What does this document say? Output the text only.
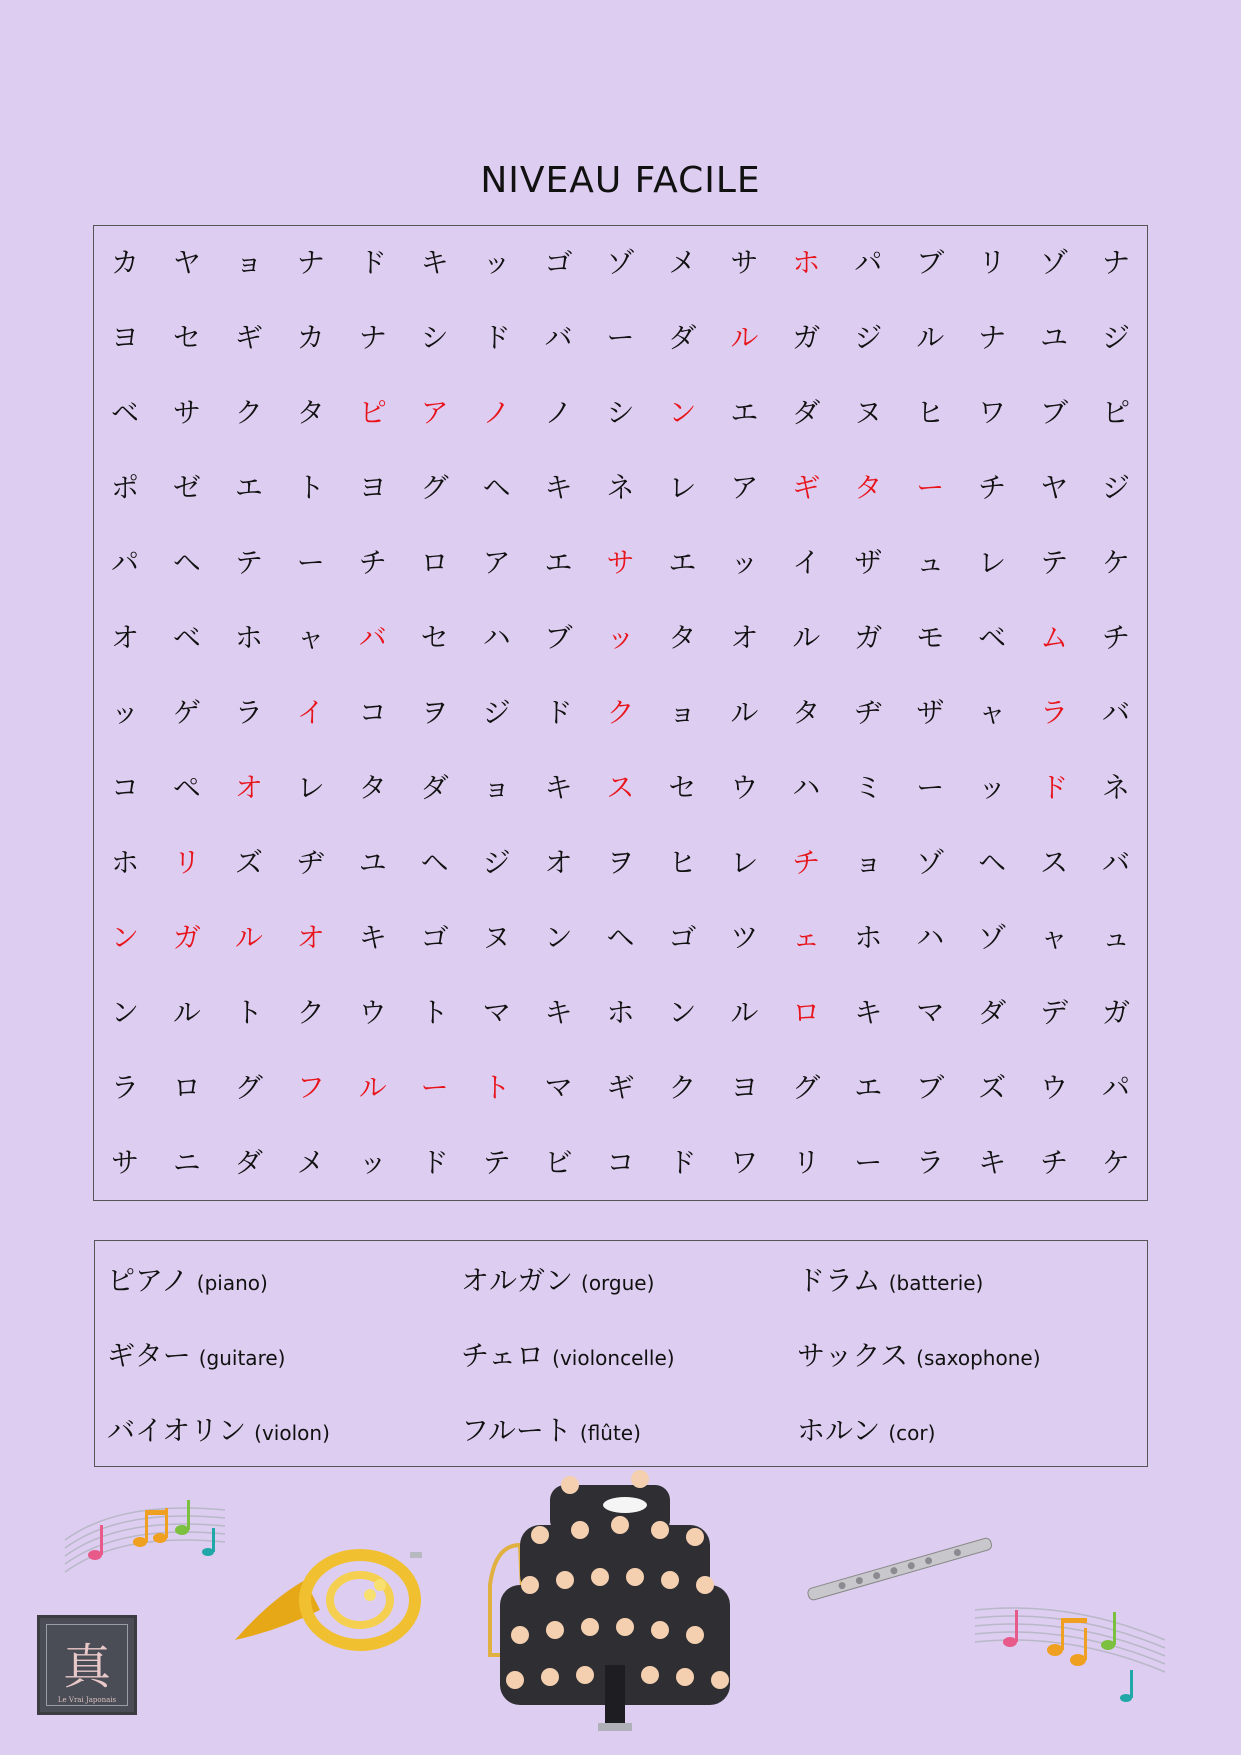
NIVEAU FACILE
カ ヤ ョ ナ ド キ ッ ゴ ゾ メ サ ホ パ ブ リ ゾ ナ
ヨ セ ギ カ ナ シ ド バ ー ダ ル ガ ジ ル ナ ユ ジ
ベ サ ク タ ピ ア ノ ノ シ ン エ ダ ヌ ヒ ワ ブ ピ
ポ ゼ エ ト ヨ グ ヘ キ ネ レ ア ギ タ ー チ ヤ ジ
パ ヘ テ ー チ ロ ア エ サ エ ッ イ ザ ュ レ テ ケ
オ ベ ホ ャ バ セ ハ ブ ッ タ オ ル ガ モ ベ ム チ
ッ ゲ ラ イ コ ヲ ジ ド ク ョ ル タ ヂ ザ ャ ラ バ
コ ペ オ レ タ ダ ョ キ ス セ ウ ハ ミ ー ッ ド ネ
ホ リ ズ ヂ ユ ヘ ジ オ ヲ ヒ レ チ ョ ゾ ヘ ス バ
ン ガ ル オ キ ゴ ヌ ン ヘ ゴ ツ ェ ホ ハ ゾ ャ ュ
ン ル ト ク ウ ト マ キ ホ ン ル ロ キ マ ダ デ ガ
ラ ロ グ フ ル ー ト マ ギ ク ヨ グ エ ブ ズ ウ パ
サ ニ ダ メ ッ ド テ ビ コ ド ワ リ ー ラ キ チ ケ
ピアノ (piano)	オルガン (orgue)	ドラム (batterie)
ギター (guitare)	チェロ (violoncelle)	サックス (saxophone)
バイオリン (violon)	フルート (flûte)	ホルン (cor)
真
Le Vrai Japonais
